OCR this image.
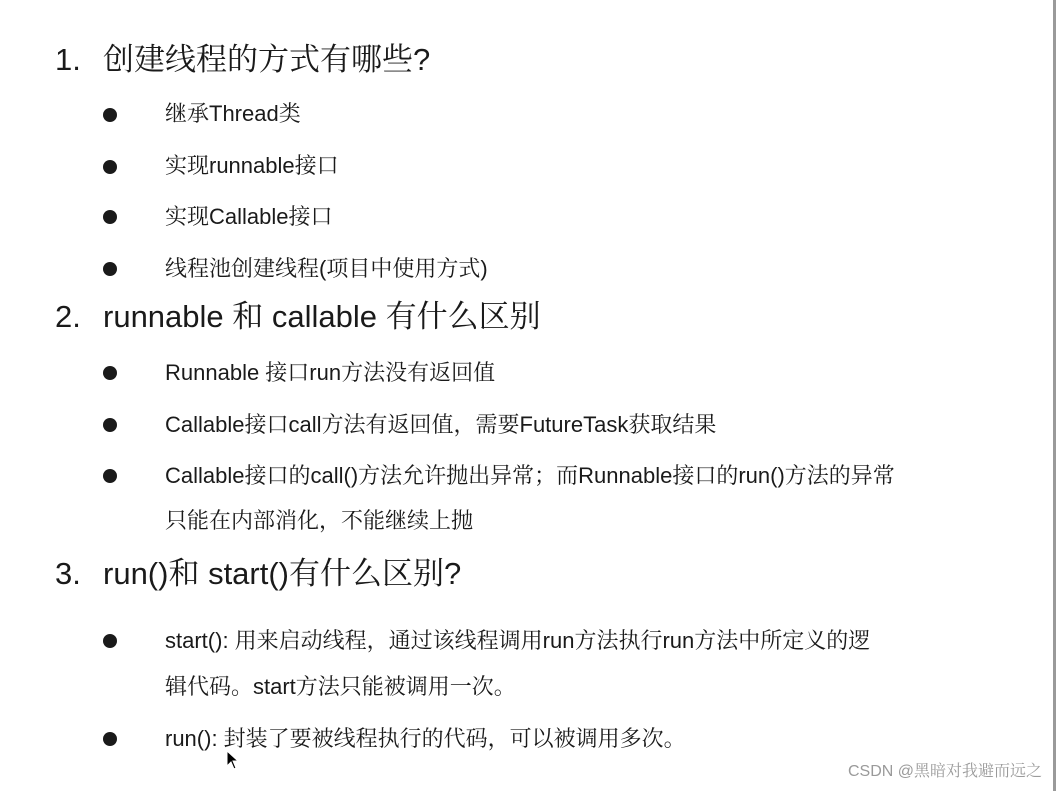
1. 创建线程的方式有哪些?
继承Thread类
实现runnable接口
实现Callable接口
线程池创建线程(项目中使用方式)
2. runnable 和 callable 有什么区别
Runnable 接口run方法没有返回值
Callable接口call方法有返回值，需要FutureTask获取结果
Callable接口的call()方法允许抛出异常；而Runnable接口的run()方法的异常
只能在内部消化，不能继续上抛
3. run()和 start()有什么区别?
start(): 用来启动线程，通过该线程调用run方法执行run方法中所定义的逻
辑代码。start方法只能被调用一次。
run(): 封装了要被线程执行的代码，可以被调用多次。
CSDN @黑暗对我避而远之
